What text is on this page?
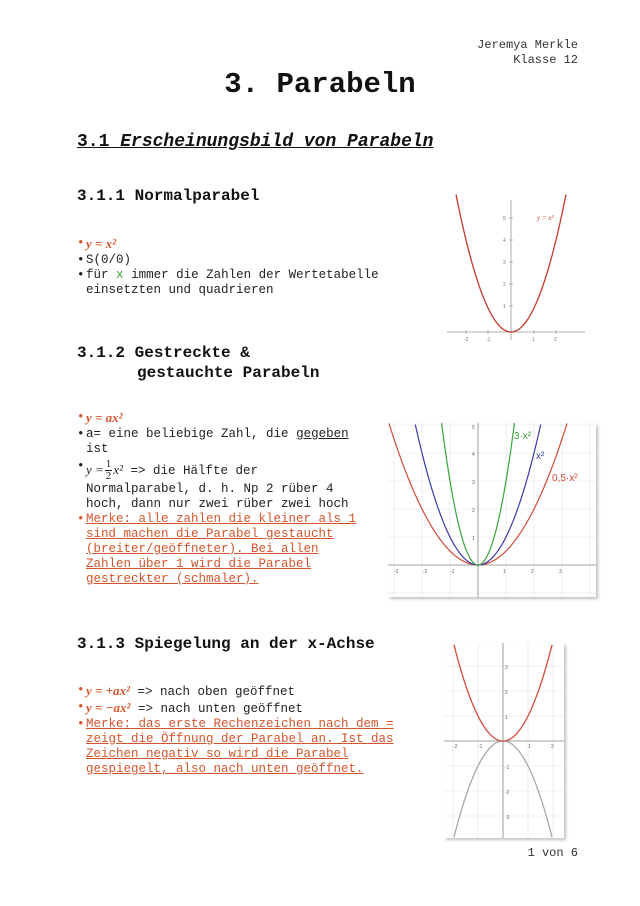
Jeremya Merkle
Klasse 12
3. Parabeln
3.1 Erscheinungsbild von Parabeln
3.1.1 Normalparabel
• y = x²
• S(0/0)
• für x immer die Zahlen der Wertetabelle
einsetzten und quadrieren
-2	-1	1	2
5
4
3
2
1
y = x²
3.1.2 Gestreckte &
gestauchte Parabeln
• y = ax²
• a= eine beliebige Zahl, die gegeben
ist
• $y = \frac{1}{2} x^2$ => die Hälfte der
Normalparabel, d. h. Np 2 rüber 4
hoch, dann nur zwei rüber zwei hoch
• Merke: alle zahlen die kleiner als 1
sind machen die Parabel gestaucht
(breiter/geöffneter). Bei allen
Zahlen über 1 wird die Parabel
gestreckter (schmaler).	-3	-2	-1	1	2	3
1
2
3
4
5
3·x²
x²
0,5·x²
3.1.3 Spiegelung an der x-Achse
• y = +ax² => nach oben geöffnet
• y = −ax² => nach unten geöffnet
• Merke: das erste Rechenzeichen nach dem =
zeigt die Öffnung der Parabel an. Ist das
Zeichen negativ so wird die Parabel
gespiegelt, also nach unten geöffnet.
-2	-1	1	2
1
2
3
-1
-2
-3
1 von 6
